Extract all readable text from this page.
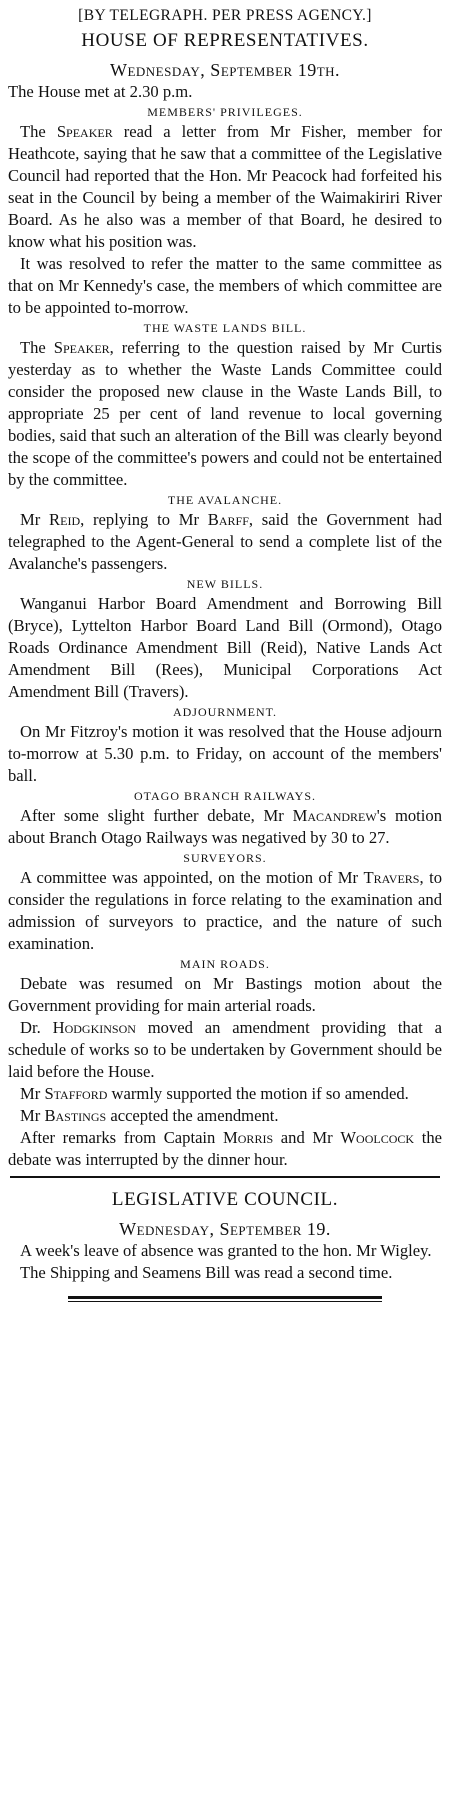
[BY TELEGRAPH. PER PRESS AGENCY.]
HOUSE OF REPRESENTATIVES.
Wednesday, September 19th.

The House met at 2.30 p.m.

MEMBERS' PRIVILEGES.

The Speaker read a letter from Mr Fisher, member for Heathcote, saying that he saw that a committee of the Legislative Council had reported that the Hon. Mr Peacock had forfeited his seat in the Council by being a member of the Waimakiriri River Board. As he also was a member of that Board, he desired to know what his position was.

It was resolved to refer the matter to the same committee as that on Mr Kennedy's case, the members of which committee are to be appointed to-morrow.

THE WASTE LANDS BILL.

The Speaker, referring to the question raised by Mr Curtis yesterday as to whether the Waste Lands Committee could consider the proposed new clause in the Waste Lands Bill, to appropriate 25 per cent of land revenue to local governing bodies, said that such an alteration of the Bill was clearly beyond the scope of the committee's powers and could not be entertained by the committee.

THE AVALANCHE.

Mr Reid, replying to Mr Barff, said the Government had telegraphed to the Agent-General to send a complete list of the Avalanche's passengers.

NEW BILLS.

Wanganui Harbor Board Amendment and Borrowing Bill (Bryce), Lyttelton Harbor Board Land Bill (Ormond), Otago Roads Ordinance Amendment Bill (Reid), Native Lands Act Amendment Bill (Rees), Municipal Corporations Act Amendment Bill (Travers).

ADJOURNMENT.

On Mr Fitzroy's motion it was resolved that the House adjourn to-morrow at 5.30 p.m. to Friday, on account of the members' ball.

OTAGO BRANCH RAILWAYS.

After some slight further debate, Mr Macandrew's motion about Branch Otago Railways was negatived by 30 to 27.

SURVEYORS.

A committee was appointed, on the motion of Mr Travers, to consider the regulations in force relating to the examination and admission of surveyors to practice, and the nature of such examination.

MAIN ROADS.

Debate was resumed on Mr Bastings motion about the Government providing for main arterial roads.

Dr. Hodgkinson moved an amendment providing that a schedule of works so to be undertaken by Government should be laid before the House.

Mr Stafford warmly supported the motion if so amended.

Mr Bastings accepted the amendment.

After remarks from Captain Morris and Mr Woolcock the debate was interrupted by the dinner hour.

LEGISLATIVE COUNCIL.
Wednesday, September 19.

A week's leave of absence was granted to the hon. Mr Wigley.

The Shipping and Seamens Bill was read a second time.
